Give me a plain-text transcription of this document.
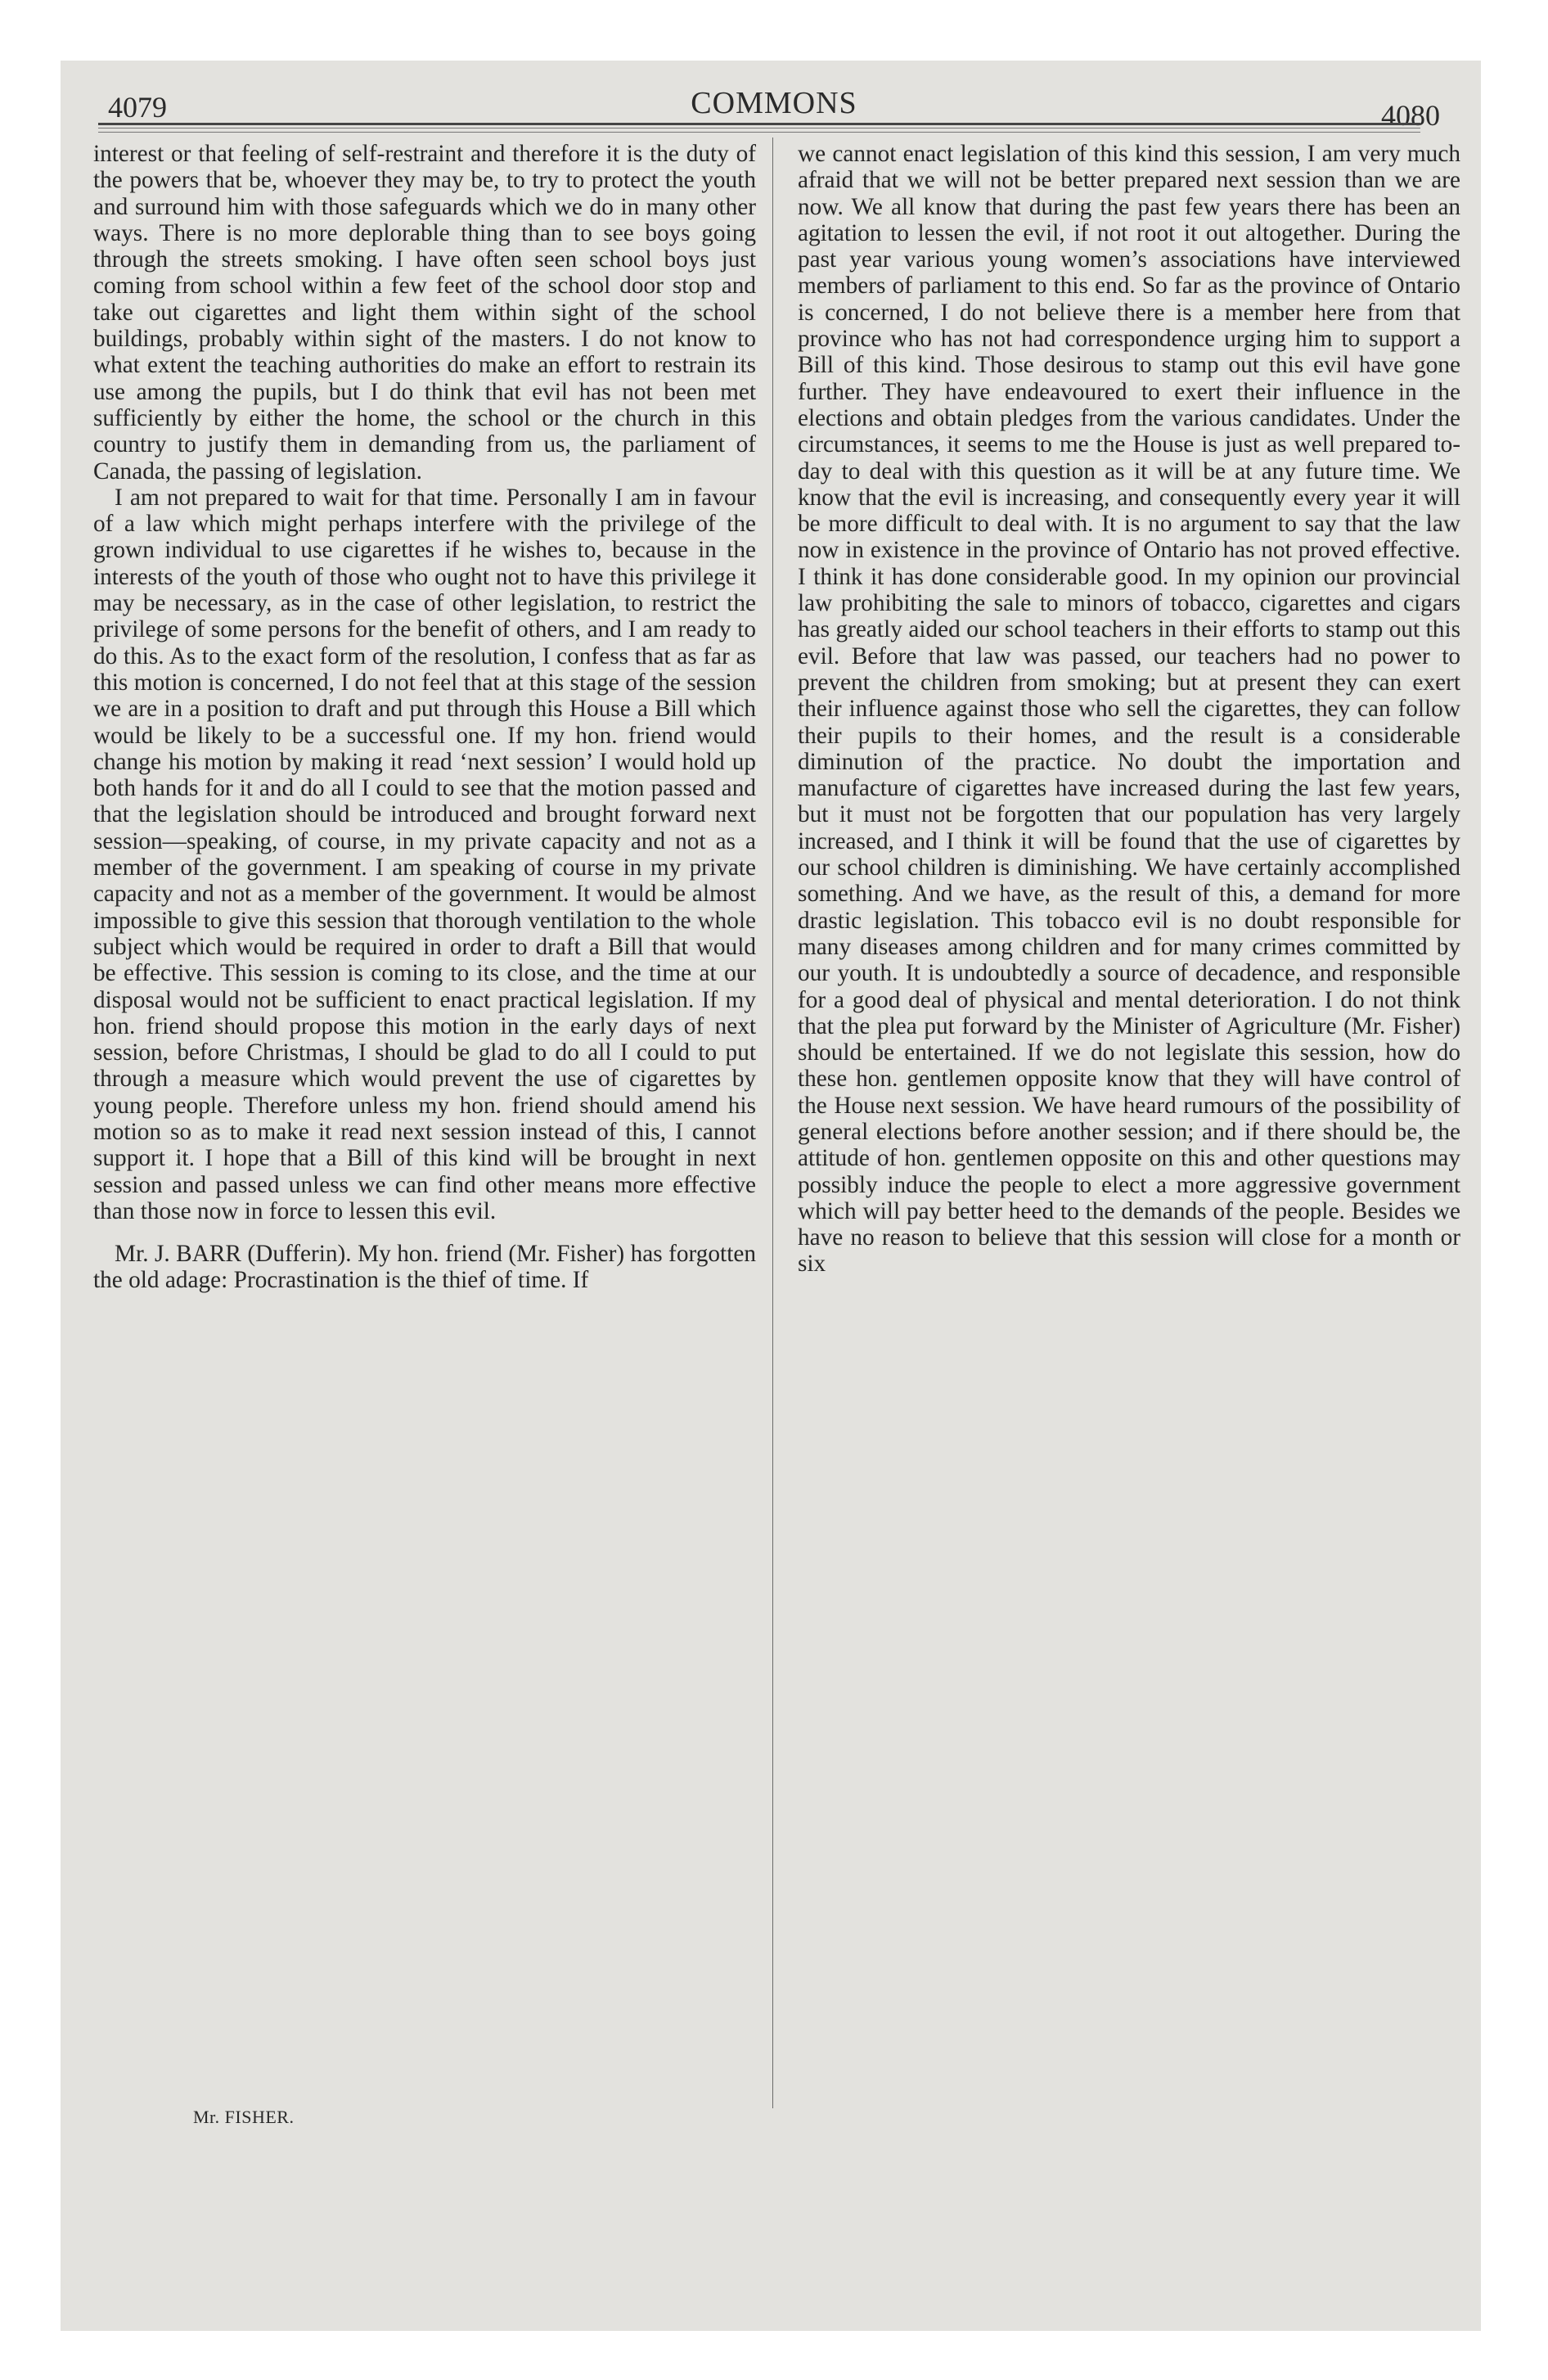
4079	COMMONS	4080

interest or that feeling of self-restraint and therefore it is the duty of the powers that be, whoever they may be, to try to protect the youth and surround him with those safeguards which we do in many other ways. There is no more deplorable thing than to see boys going through the streets smoking. I have often seen school boys just coming from school within a few feet of the school door stop and take out cigarettes and light them within sight of the school buildings, probably within sight of the masters. I do not know to what extent the teaching authorities do make an effort to restrain its use among the pupils, but I do think that evil has not been met sufficiently by either the home, the school or the church in this country to justify them in demanding from us, the parliament of Canada, the passing of legislation.

I am not prepared to wait for that time. Personally I am in favour of a law which might perhaps interfere with the privilege of the grown individual to use cigarettes if he wishes to, because in the interests of the youth of those who ought not to have this privilege it may be necessary, as in the case of other legislation, to restrict the privilege of some persons for the benefit of others, and I am ready to do this. As to the exact form of the resolution, I confess that as far as this motion is concerned, I do not feel that at this stage of the session we are in a position to draft and put through this House a Bill which would be likely to be a successful one. If my hon. friend would change his motion by making it read ‘next session’ I would hold up both hands for it and do all I could to see that the motion passed and that the legislation should be introduced and brought forward next session—speaking, of course, in my private capacity and not as a member of the government. I am speaking of course in my private capacity and not as a member of the government. It would be almost impossible to give this session that thorough ventilation to the whole subject which would be required in order to draft a Bill that would be effective. This session is coming to its close, and the time at our disposal would not be sufficient to enact practical legislation. If my hon. friend should propose this motion in the early days of next session, before Christmas, I should be glad to do all I could to put through a measure which would prevent the use of cigarettes by young people. Therefore unless my hon. friend should amend his motion so as to make it read next session instead of this, I cannot support it. I hope that a Bill of this kind will be brought in next session and passed unless we can find other means more effective than those now in force to lessen this evil.

Mr. J. BARR (Dufferin). My hon. friend (Mr. Fisher) has forgotten the old adage: Procrastination is the thief of time. If

we cannot enact legislation of this kind this session, I am very much afraid that we will not be better prepared next session than we are now. We all know that during the past few years there has been an agitation to lessen the evil, if not root it out altogether. During the past year various young women’s associations have interviewed members of parliament to this end. So far as the province of Ontario is concerned, I do not believe there is a member here from that province who has not had correspondence urging him to support a Bill of this kind. Those desirous to stamp out this evil have gone further. They have endeavoured to exert their influence in the elections and obtain pledges from the various candidates. Under the circumstances, it seems to me the House is just as well prepared to-day to deal with this question as it will be at any future time. We know that the evil is increasing, and consequently every year it will be more difficult to deal with. It is no argument to say that the law now in existence in the province of Ontario has not proved effective. I think it has done considerable good. In my opinion our provincial law prohibiting the sale to minors of tobacco, cigarettes and cigars has greatly aided our school teachers in their efforts to stamp out this evil. Before that law was passed, our teachers had no power to prevent the children from smoking; but at present they can exert their influence against those who sell the cigarettes, they can follow their pupils to their homes, and the result is a considerable diminution of the practice. No doubt the importation and manufacture of cigarettes have increased during the last few years, but it must not be forgotten that our population has very largely increased, and I think it will be found that the use of cigarettes by our school children is diminishing. We have certainly accomplished something. And we have, as the result of this, a demand for more drastic legislation. This tobacco evil is no doubt responsible for many diseases among children and for many crimes committed by our youth. It is undoubtedly a source of decadence, and responsible for a good deal of physical and mental deterioration. I do not think that the plea put forward by the Minister of Agriculture (Mr. Fisher) should be entertained. If we do not legislate this session, how do these hon. gentlemen opposite know that they will have control of the House next session. We have heard rumours of the possibility of general elections before another session; and if there should be, the attitude of hon. gentlemen opposite on this and other questions may possibly induce the people to elect a more aggressive government which will pay better heed to the demands of the people. Besides we have no reason to believe that this session will close for a month or six

Mr. FISHER.
